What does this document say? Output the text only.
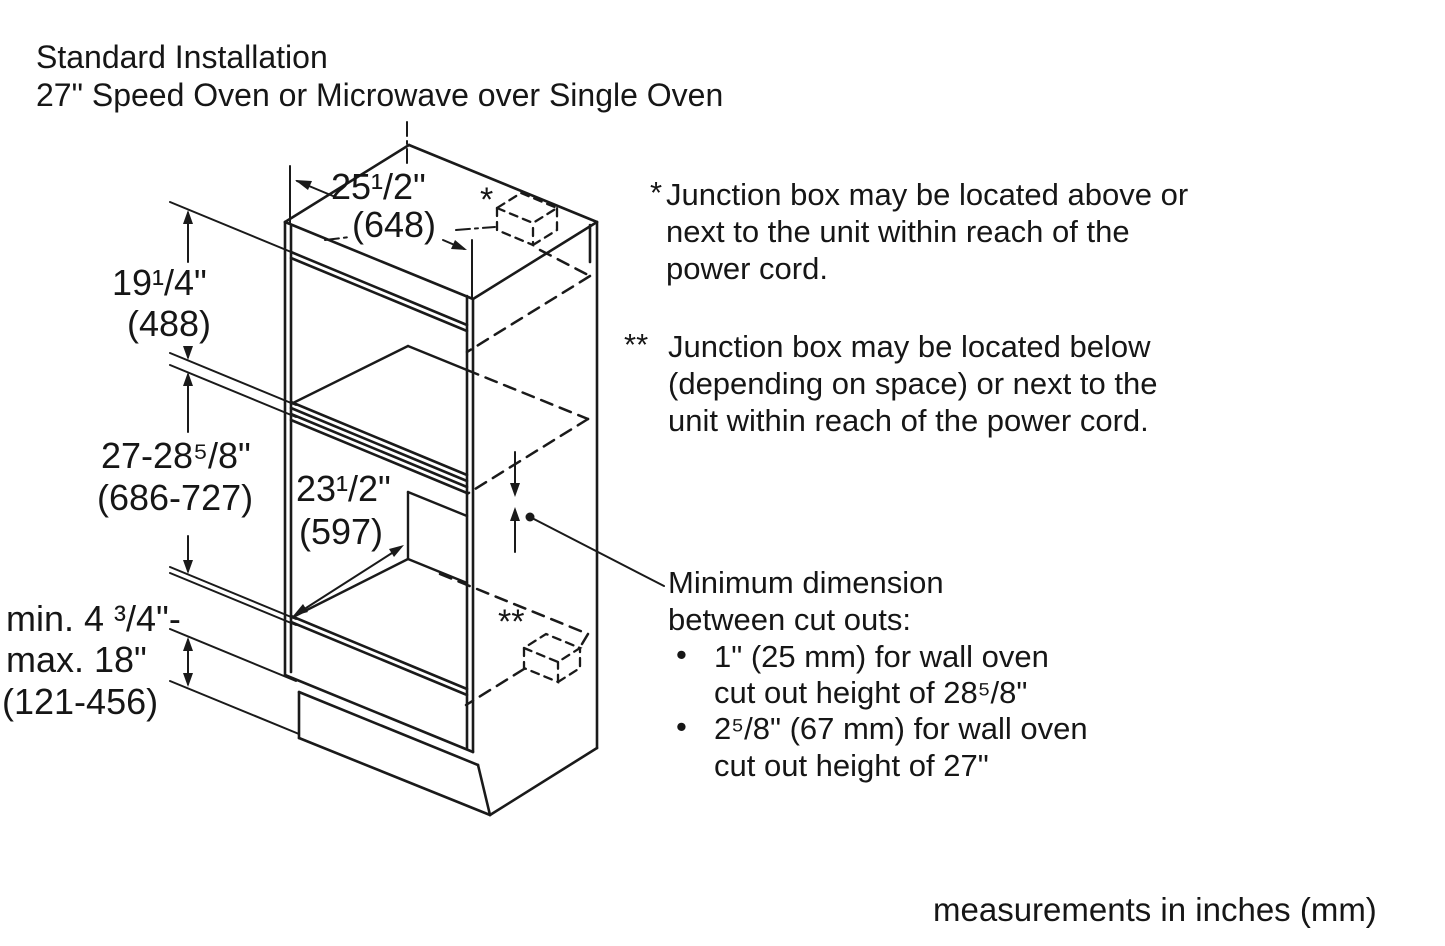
Standard Installation
27" Speed Oven or Microwave over Single Oven
25¹/2"
(648)
19¹/4"
(488)
27-28⁵/8"
(686-727) 23¹/2"
(597)
min. 4 ³/4"-
max. 18"
(121-456)
*
**
* Junction box may be located above or
next to the unit within reach of the
power cord.
** Junction box may be located below
(depending on space) or next to the
unit within reach of the power cord.
Minimum dimension
between cut outs:
• 1" (25 mm) for wall oven
cut out height of 28⁵/8"
• 2⁵/8" (67 mm) for wall oven
cut out height of 27"
measurements in inches (mm)
